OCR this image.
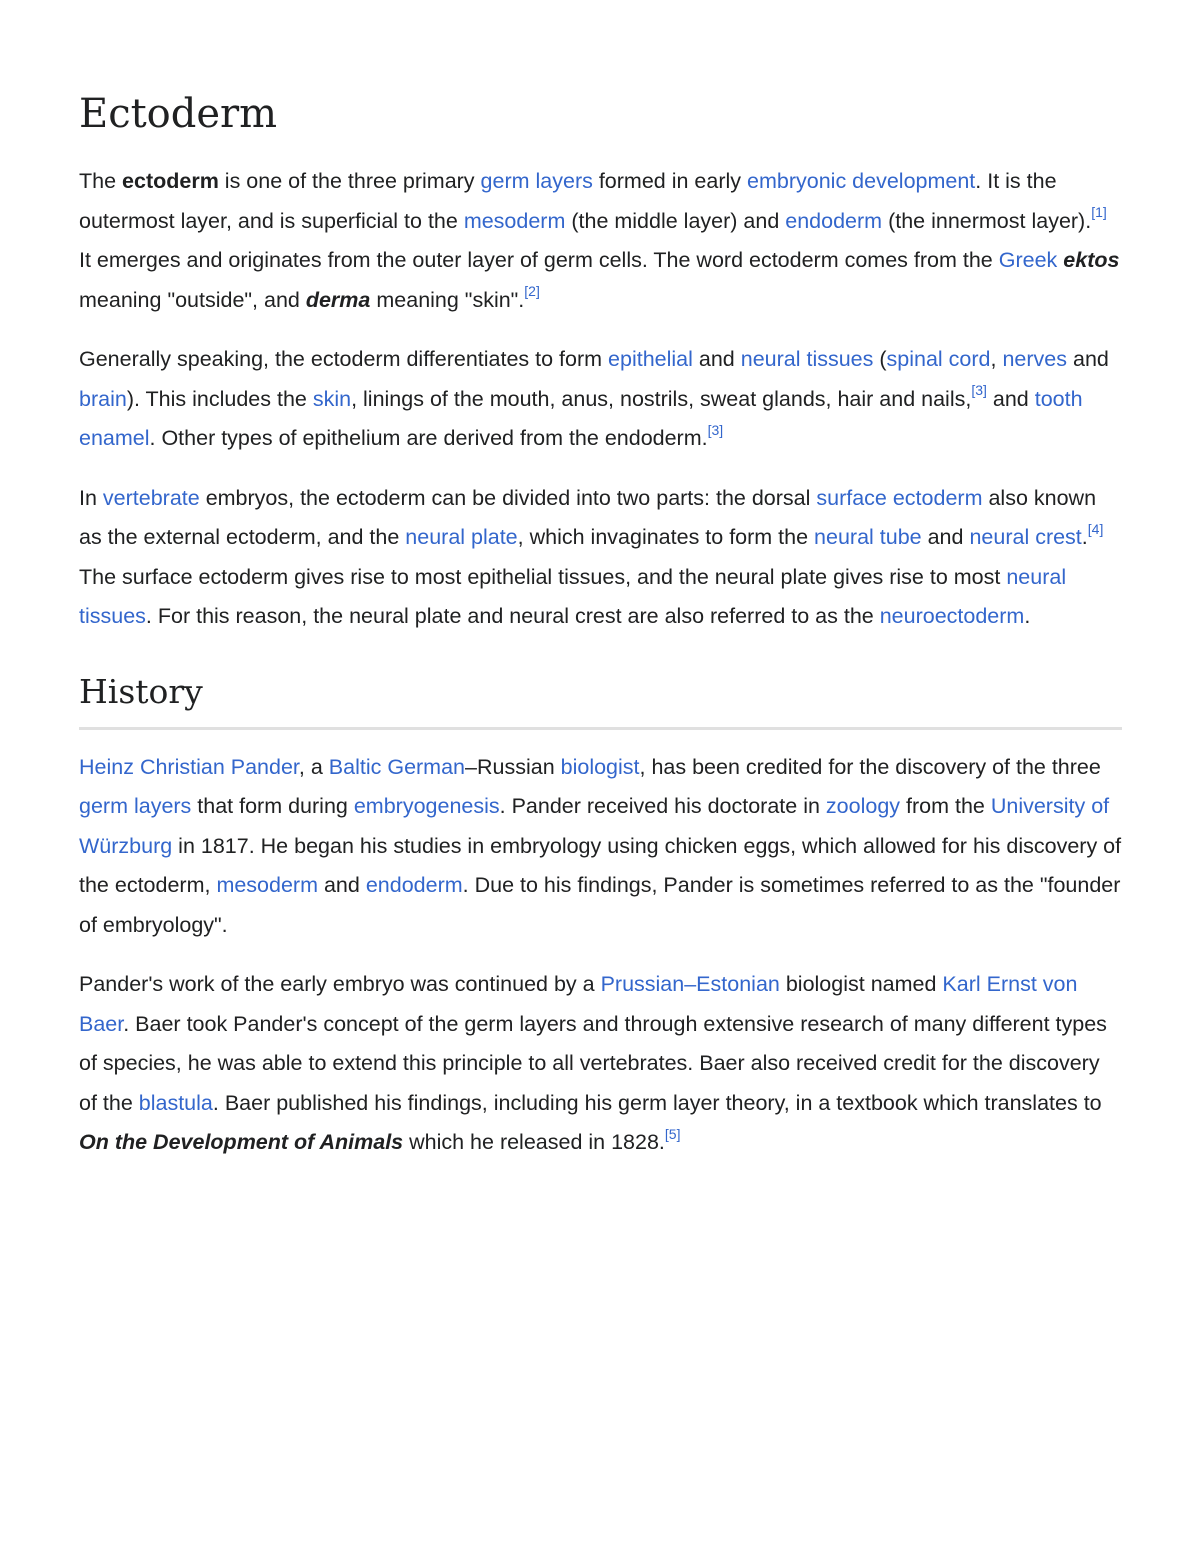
Ectoderm

The ectoderm is one of the three primary germ layers formed in early embryonic development. It is the outermost layer, and is superficial to the mesoderm (the middle layer) and endoderm (the innermost layer).[1] It emerges and originates from the outer layer of germ cells. The word ectoderm comes from the Greek ektos meaning "outside", and derma meaning "skin".[2]

Generally speaking, the ectoderm differentiates to form epithelial and neural tissues (spinal cord, nerves and brain). This includes the skin, linings of the mouth, anus, nostrils, sweat glands, hair and nails,[3] and tooth enamel. Other types of epithelium are derived from the endoderm.[3]

In vertebrate embryos, the ectoderm can be divided into two parts: the dorsal surface ectoderm also known as the external ectoderm, and the neural plate, which invaginates to form the neural tube and neural crest.[4] The surface ectoderm gives rise to most epithelial tissues, and the neural plate gives rise to most neural tissues. For this reason, the neural plate and neural crest are also referred to as the neuroectoderm.

History

Heinz Christian Pander, a Baltic German–Russian biologist, has been credited for the discovery of the three germ layers that form during embryogenesis. Pander received his doctorate in zoology from the University of Würzburg in 1817. He began his studies in embryology using chicken eggs, which allowed for his discovery of the ectoderm, mesoderm and endoderm. Due to his findings, Pander is sometimes referred to as the "founder of embryology".

Pander's work of the early embryo was continued by a Prussian–Estonian biologist named Karl Ernst von Baer. Baer took Pander's concept of the germ layers and through extensive research of many different types of species, he was able to extend this principle to all vertebrates. Baer also received credit for the discovery of the blastula. Baer published his findings, including his germ layer theory, in a textbook which translates to On the Development of Animals which he released in 1828.[5]
